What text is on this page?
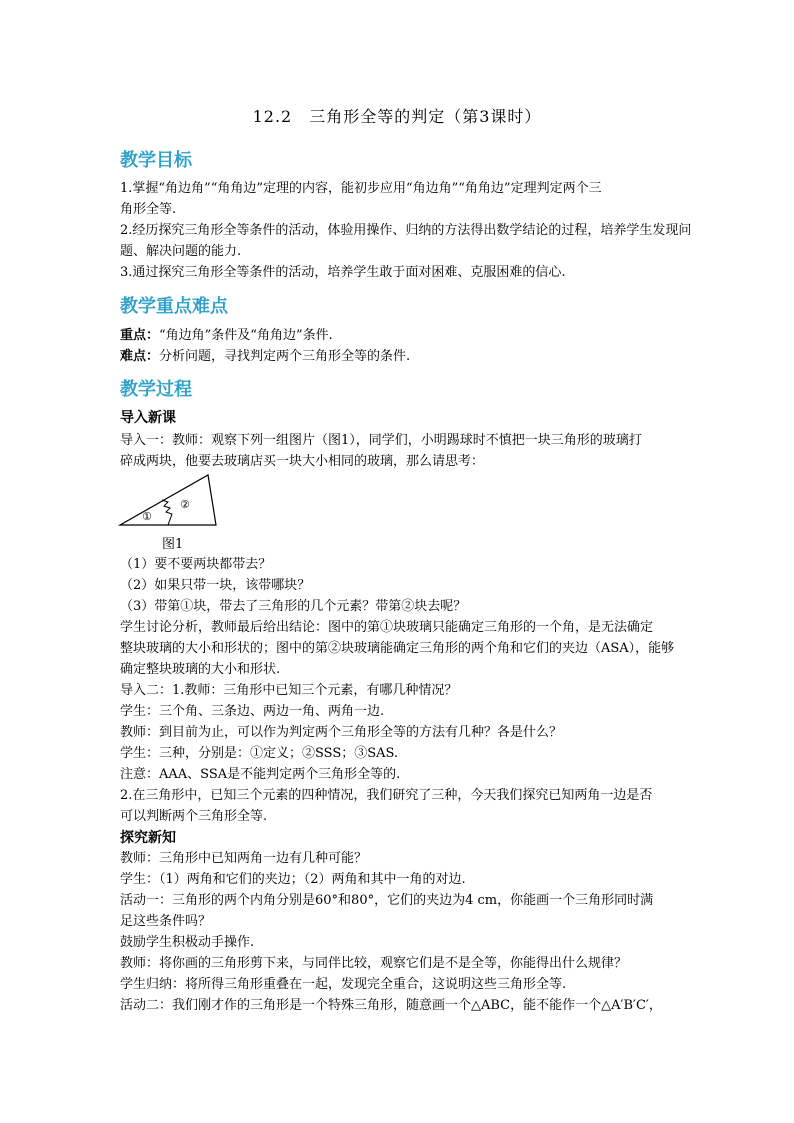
12.2　三角形全等的判定（第3课时）
教学目标
1.掌握“角边角”“角角边”定理的内容，能初步应用“角边角”“角角边”定理判定两个三
角形全等.
2.经历探究三角形全等条件的活动，体验用操作、归纳的方法得出数学结论的过程，培养学生发现问
题、解决问题的能力.
3.通过探究三角形全等条件的活动，培养学生敢于面对困难、克服困难的信心.
教学重点难点
重点：“角边角”条件及“角角边”条件.
难点：分析问题，寻找判定两个三角形全等的条件.
教学过程
导入新课
导入一：教师：观察下列一组图片（图1），同学们，小明踢球时不慎把一块三角形的玻璃打
碎成两块，他要去玻璃店买一块大小相同的玻璃，那么请思考：
①
②
图1
（1）要不要两块都带去？
（2）如果只带一块，该带哪块？
（3）带第①块，带去了三角形的几个元素？带第②块去呢？
学生讨论分析，教师最后给出结论：图中的第①块玻璃只能确定三角形的一个角，是无法确定
整块玻璃的大小和形状的；图中的第②块玻璃能确定三角形的两个角和它们的夹边（ASA），能够
确定整块玻璃的大小和形状.
导入二：1.教师：三角形中已知三个元素，有哪几种情况？
学生：三个角、三条边、两边一角、两角一边.
教师：到目前为止，可以作为判定两个三角形全等的方法有几种？各是什么？
学生：三种，分别是：①定义；②SSS；③SAS.
注意：AAA、SSA是不能判定两个三角形全等的.
2.在三角形中，已知三个元素的四种情况，我们研究了三种，今天我们探究已知两角一边是否
可以判断两个三角形全等.
探究新知
教师：三角形中已知两角一边有几种可能？
学生：（1）两角和它们的夹边；（2）两角和其中一角的对边.
活动一：三角形的两个内角分别是60°和80°，它们的夹边为4 cm，你能画一个三角形同时满
足这些条件吗？
鼓励学生积极动手操作.
教师：将你画的三角形剪下来，与同伴比较，观察它们是不是全等，你能得出什么规律？
学生归纳：将所得三角形重叠在一起，发现完全重合，这说明这些三角形全等.
活动二：我们刚才作的三角形是一个特殊三角形，随意画一个△ABC，能不能作一个△A′B′C′，
